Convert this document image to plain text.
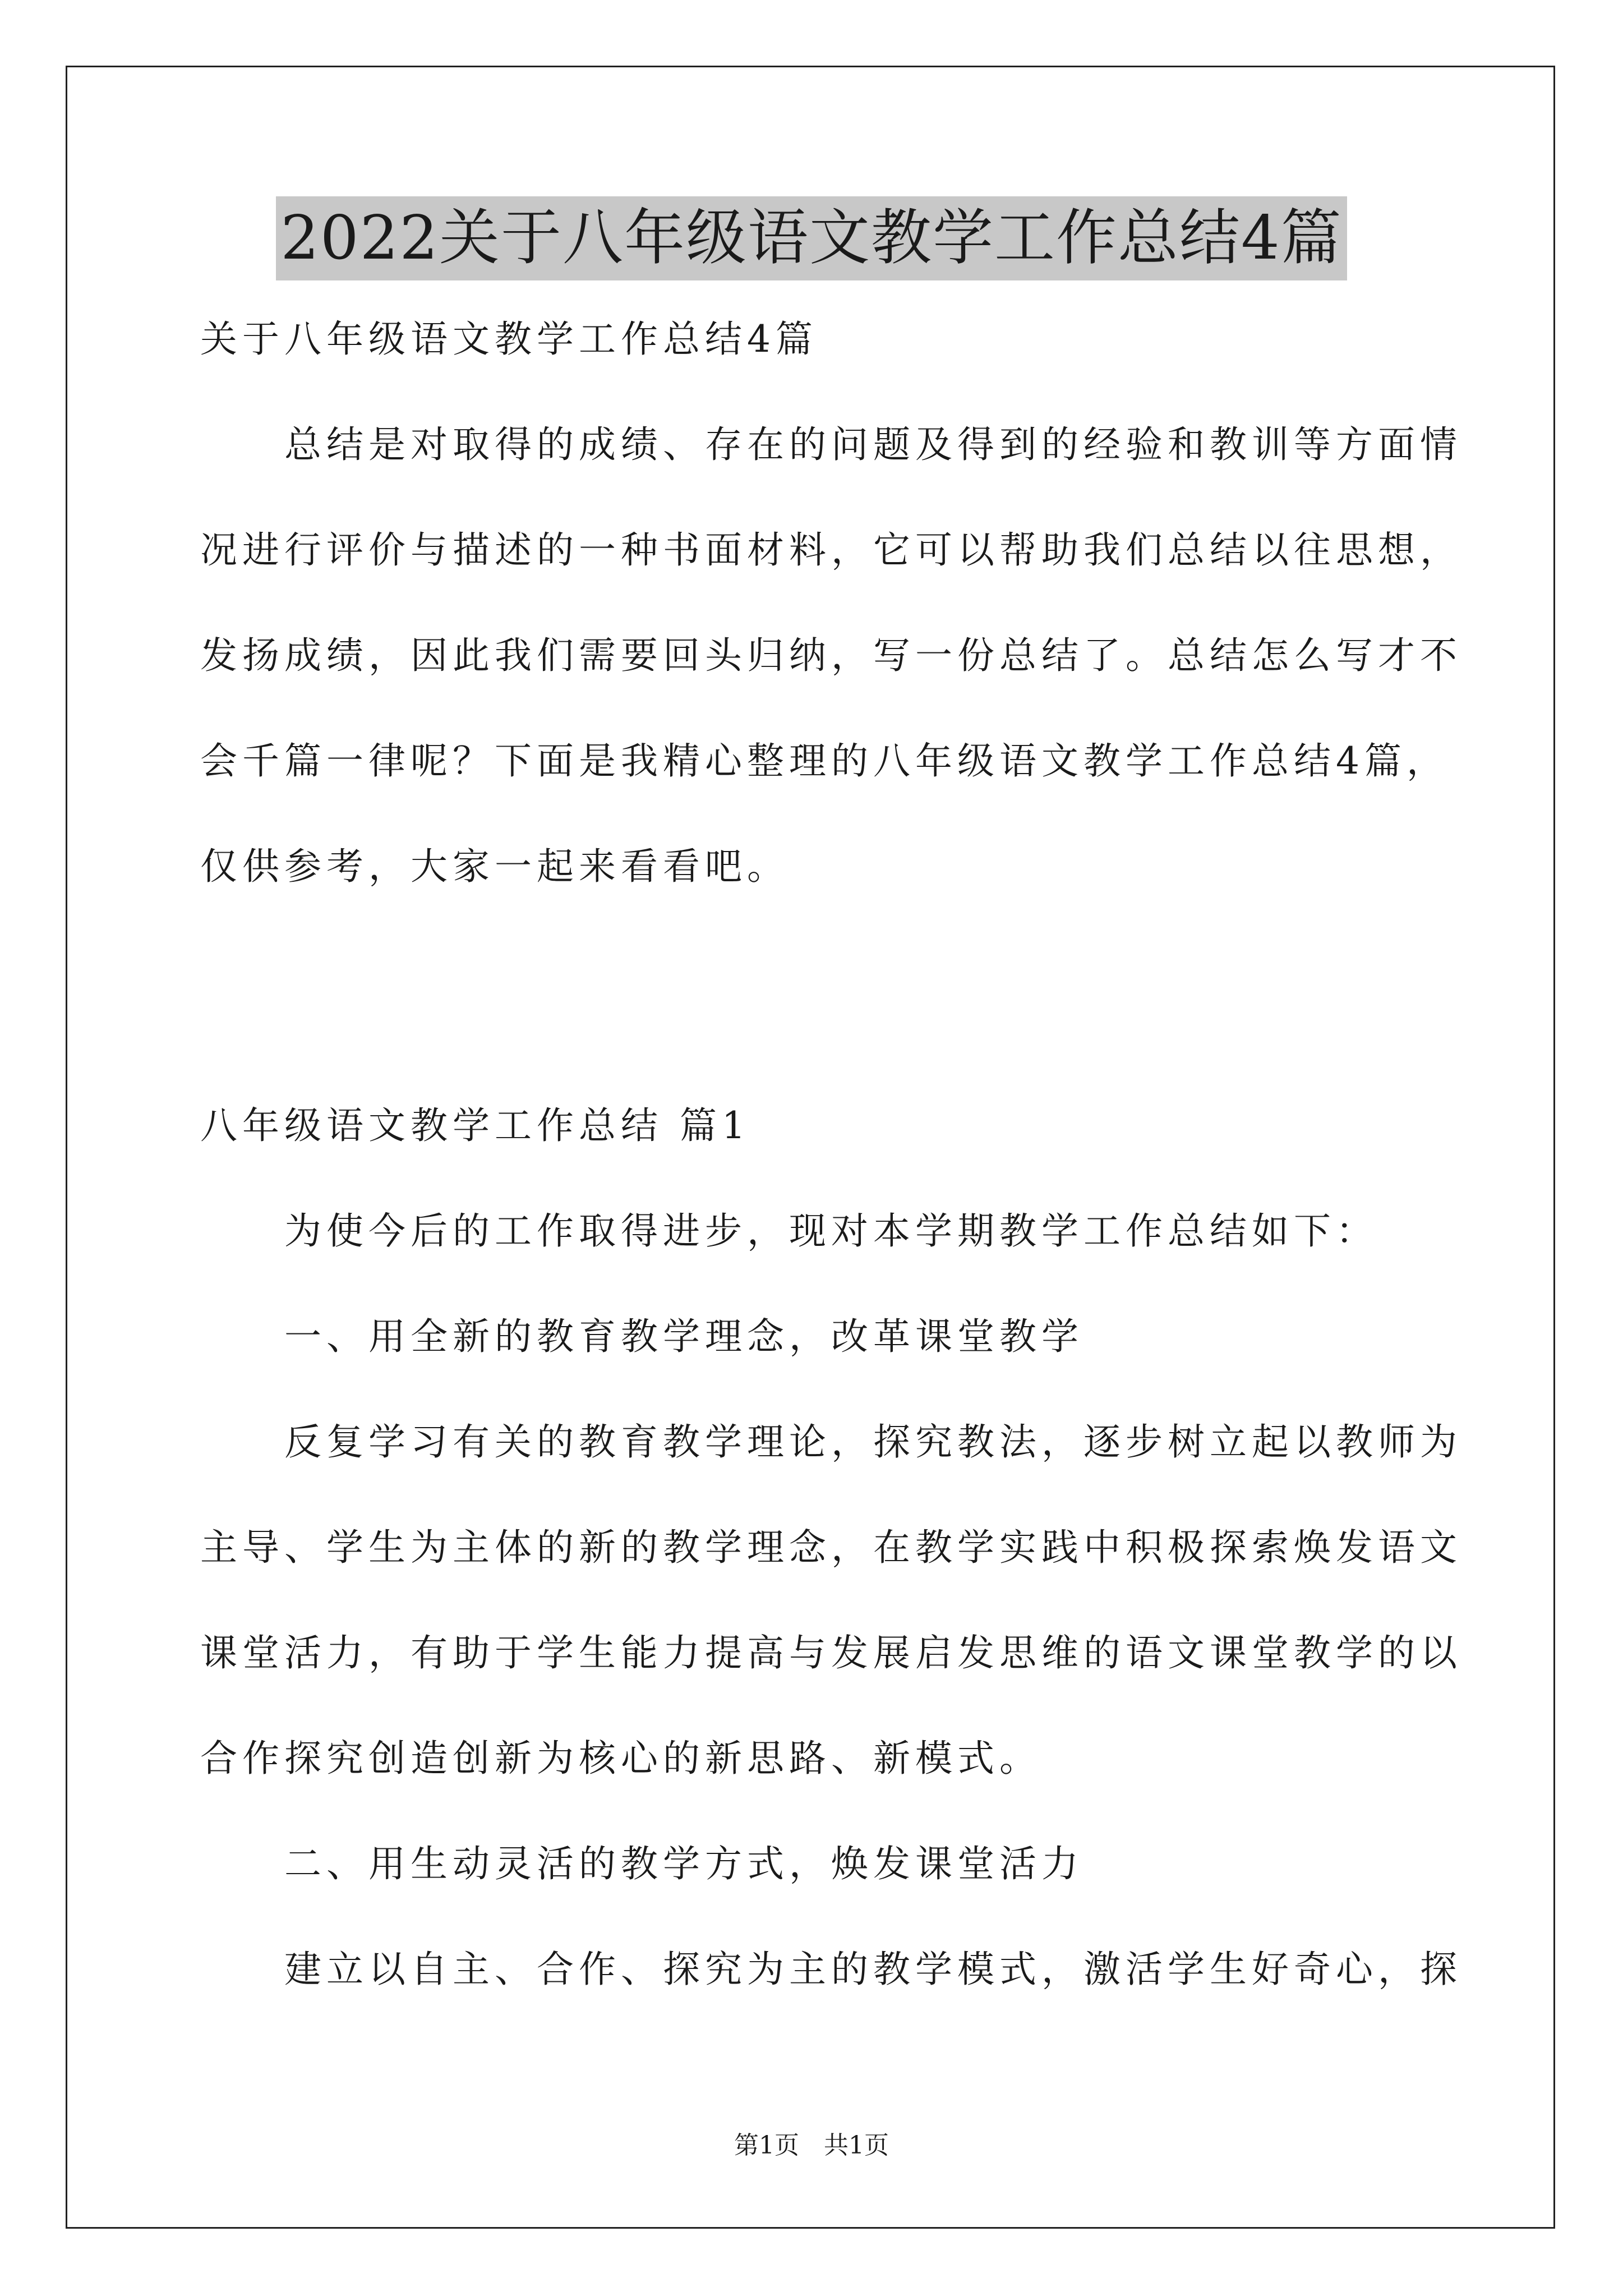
2022关于八年级语文教学工作总结4篇
关于八年级语文教学工作总结4篇
　　总结是对取得的成绩、存在的问题及得到的经验和教训等方面情
况进行评价与描述的一种书面材料，它可以帮助我们总结以往思想，
发扬成绩，因此我们需要回头归纳，写一份总结了。总结怎么写才不
会千篇一律呢？下面是我精心整理的八年级语文教学工作总结4篇，
仅供参考，大家一起来看看吧。
八年级语文教学工作总结 篇1
　　为使今后的工作取得进步，现对本学期教学工作总结如下：
　　一、用全新的教育教学理念，改革课堂教学
　　反复学习有关的教育教学理论，探究教法，逐步树立起以教师为
主导、学生为主体的新的教学理念，在教学实践中积极探索焕发语文
课堂活力，有助于学生能力提高与发展启发思维的语文课堂教学的以
合作探究创造创新为核心的新思路、新模式。
　　二、用生动灵活的教学方式，焕发课堂活力
　　建立以自主、合作、探究为主的教学模式，激活学生好奇心，探
第1页　共1页
